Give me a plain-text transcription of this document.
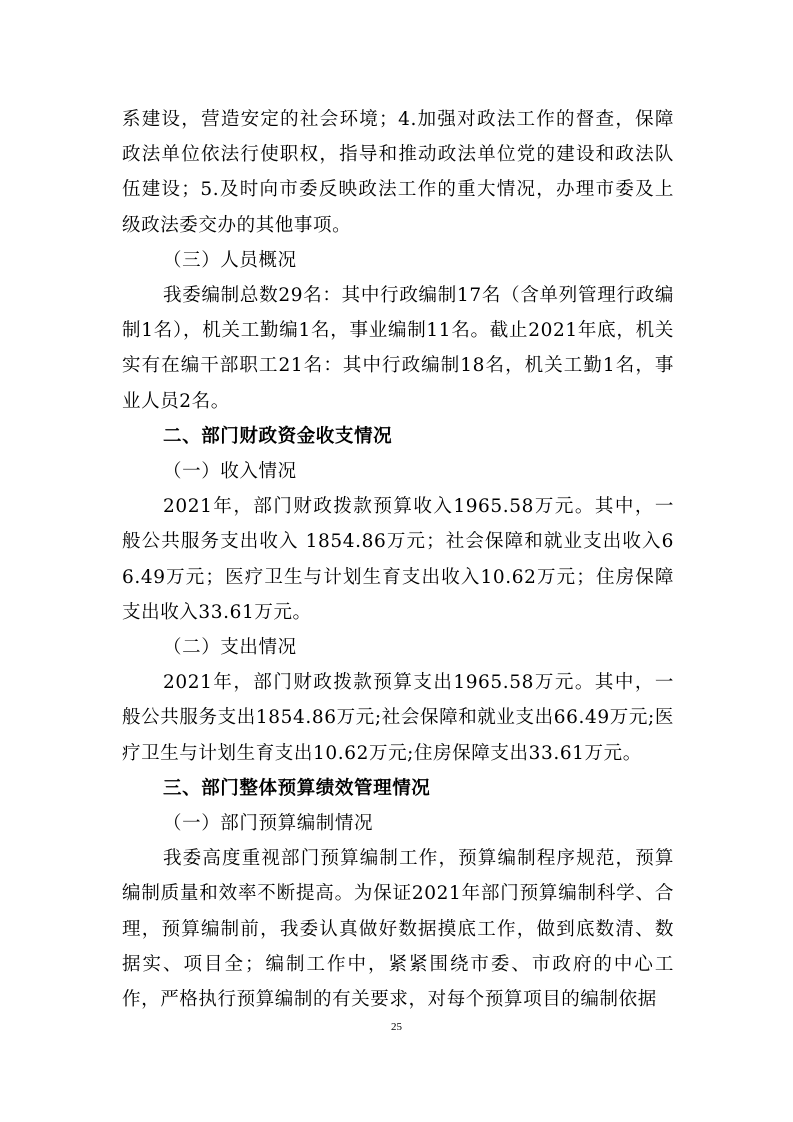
系建设，营造安定的社会环境；4.加强对政法工作的督查，保障政法单位依法行使职权，指导和推动政法单位党的建设和政法队伍建设；5.及时向市委反映政法工作的重大情况，办理市委及上级政法委交办的其他事项。

（三）人员概况

我委编制总数29名：其中行政编制17名（含单列管理行政编制1名），机关工勤编1名，事业编制11名。截止2021年底，机关实有在编干部职工21名：其中行政编制18名，机关工勤1名，事业人员2名。

二、部门财政资金收支情况

（一）收入情况

2021年，部门财政拨款预算收入1965.58万元。其中，一般公共服务支出收入 1854.86万元；社会保障和就业支出收入66.49万元；医疗卫生与计划生育支出收入10.62万元；住房保障支出收入33.61万元。

（二）支出情况

2021年，部门财政拨款预算支出1965.58万元。其中，一般公共服务支出1854.86万元;社会保障和就业支出66.49万元;医疗卫生与计划生育支出10.62万元;住房保障支出33.61万元。

三、部门整体预算绩效管理情况

（一）部门预算编制情况

我委高度重视部门预算编制工作，预算编制程序规范，预算编制质量和效率不断提高。为保证2021年部门预算编制科学、合理，预算编制前，我委认真做好数据摸底工作，做到底数清、数据实、项目全；编制工作中，紧紧围绕市委、市政府的中心工作，严格执行预算编制的有关要求，对每个预算项目的编制依据

25
